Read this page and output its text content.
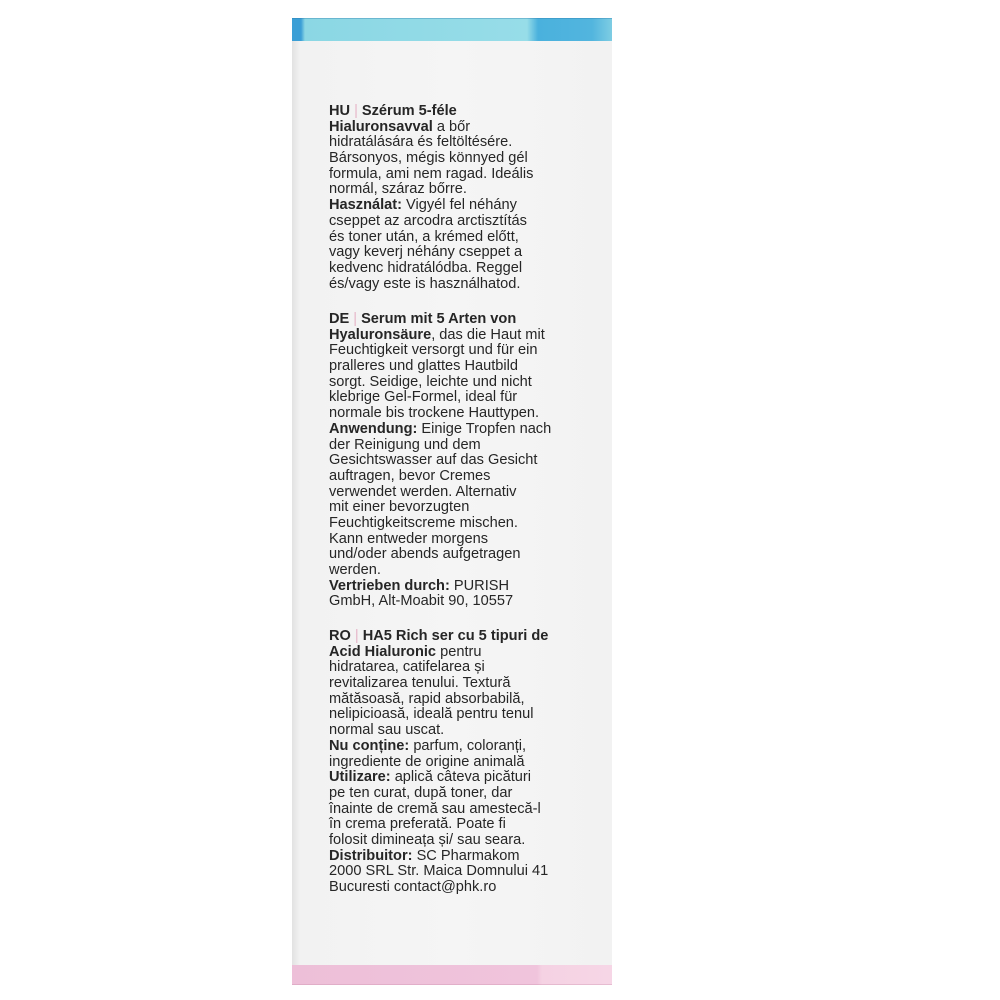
HU | Szérum 5-féle
Hialuronsavval a bőr
hidratálására és feltöltésére.
Bársonyos, mégis könnyed gél
formula, ami nem ragad. Ideális
normál, száraz bőrre.
Használat: Vigyél fel néhány
cseppet az arcodra arctisztítás
és toner után, a krémed előtt,
vagy keverj néhány cseppet a
kedvenc hidratálódba. Reggel
és/vagy este is használhatod.
DE | Serum mit 5 Arten von
Hyaluronsäure, das die Haut mit
Feuchtigkeit versorgt und für ein
pralleres und glattes Hautbild
sorgt. Seidige, leichte und nicht
klebrige Gel-Formel, ideal für
normale bis trockene Hauttypen.
Anwendung: Einige Tropfen nach
der Reinigung und dem
Gesichtswasser auf das Gesicht
auftragen, bevor Cremes
verwendet werden. Alternativ
mit einer bevorzugten
Feuchtigkeitscreme mischen.
Kann entweder morgens
und/oder abends aufgetragen
werden.
Vertrieben durch: PURISH
GmbH, Alt-Moabit 90, 10557
RO | HA5 Rich ser cu 5 tipuri de
Acid Hialuronic pentru
hidratarea, catifelarea și
revitalizarea tenului. Textură
mătăsoasă, rapid absorbabilă,
nelipicioasă, ideală pentru tenul
normal sau uscat.
Nu conține: parfum, coloranți,
ingrediente de origine animală
Utilizare: aplică câteva picături
pe ten curat, după toner, dar
înainte de cremă sau amestecă-l
în crema preferată. Poate fi
folosit dimineața și/ sau seara.
Distribuitor: SC Pharmakom
2000 SRL Str. Maica Domnului 41
Bucuresti contact@phk.ro
